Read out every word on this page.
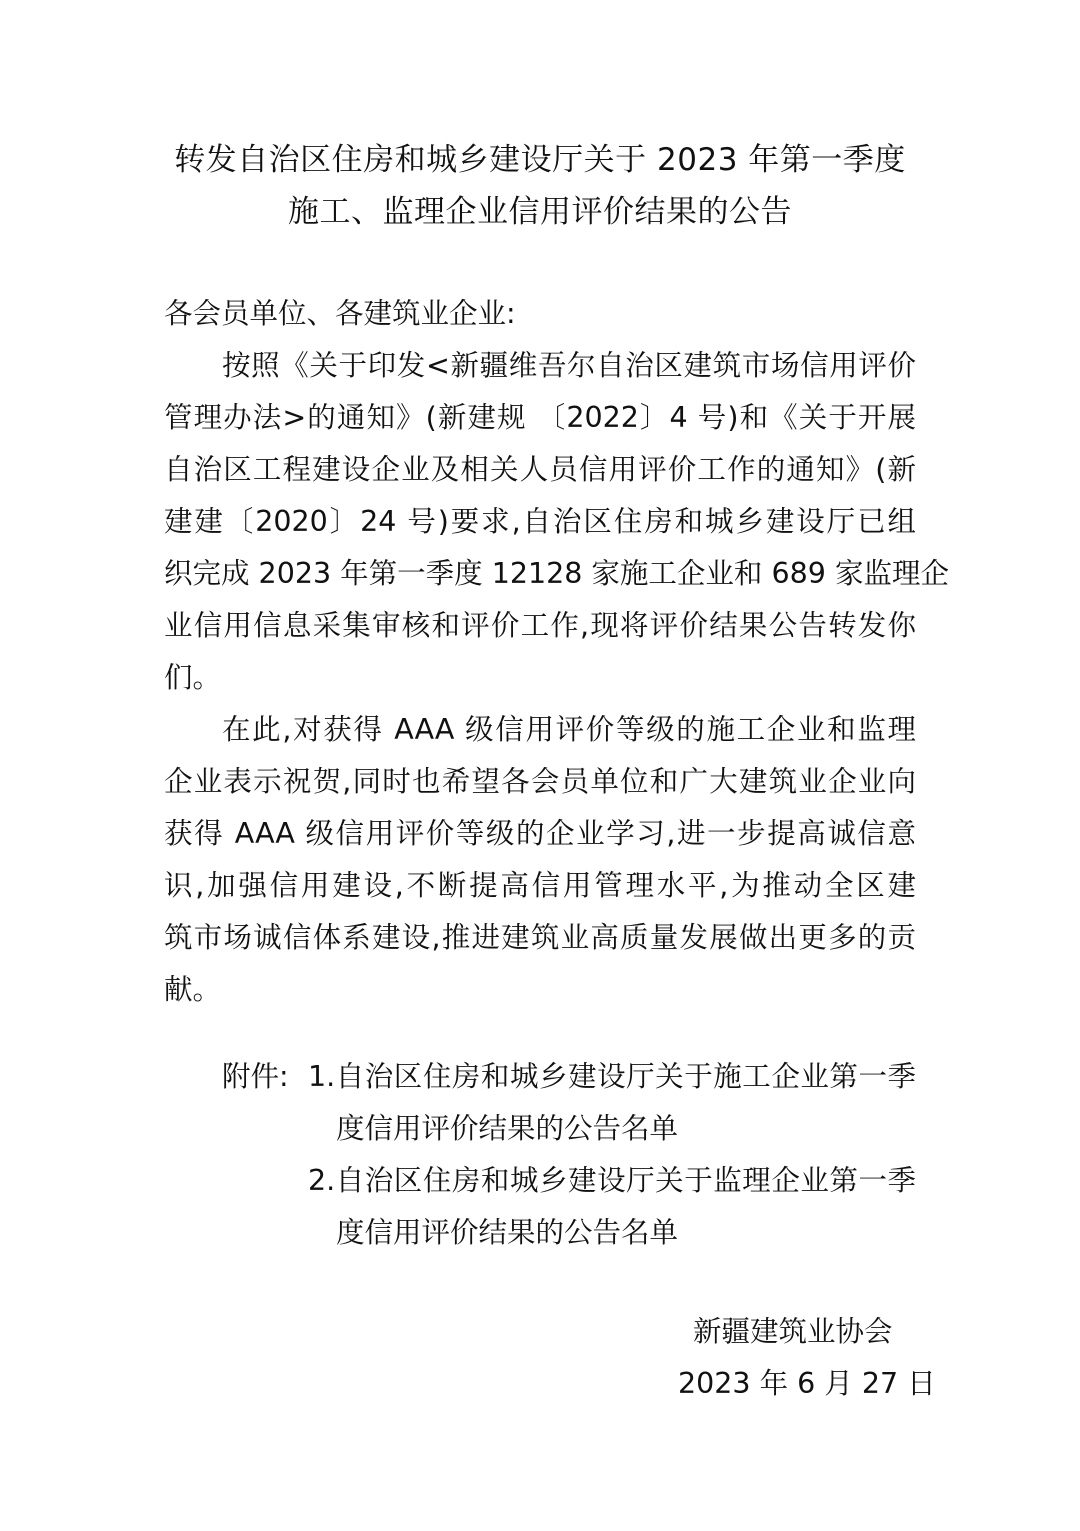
转发自治区住房和城乡建设厅关于 2023 年第一季度
施工、监理企业信用评价结果的公告
各会员单位、各建筑业企业:
按照《关于印发<新疆维吾尔自治区建筑市场信用评价
管理办法>的通知》(新建规 〔2022〕4 号)和《关于开展
自治区工程建设企业及相关人员信用评价工作的通知》(新
建建〔2020〕24 号)要求,自治区住房和城乡建设厅已组
织完成 2023 年第一季度 12128 家施工企业和 689 家监理企
业信用信息采集审核和评价工作,现将评价结果公告转发你
们。
在此,对获得 AAA 级信用评价等级的施工企业和监理
企业表示祝贺,同时也希望各会员单位和广大建筑业企业向
获得 AAA 级信用评价等级的企业学习,进一步提高诚信意
识,加强信用建设,不断提高信用管理水平,为推动全区建
筑市场诚信体系建设,推进建筑业高质量发展做出更多的贡
献。
附件: 1.自治区住房和城乡建设厅关于施工企业第一季
度信用评价结果的公告名单
2.自治区住房和城乡建设厅关于监理企业第一季
度信用评价结果的公告名单
新疆建筑业协会
2023 年 6 月 27 日
